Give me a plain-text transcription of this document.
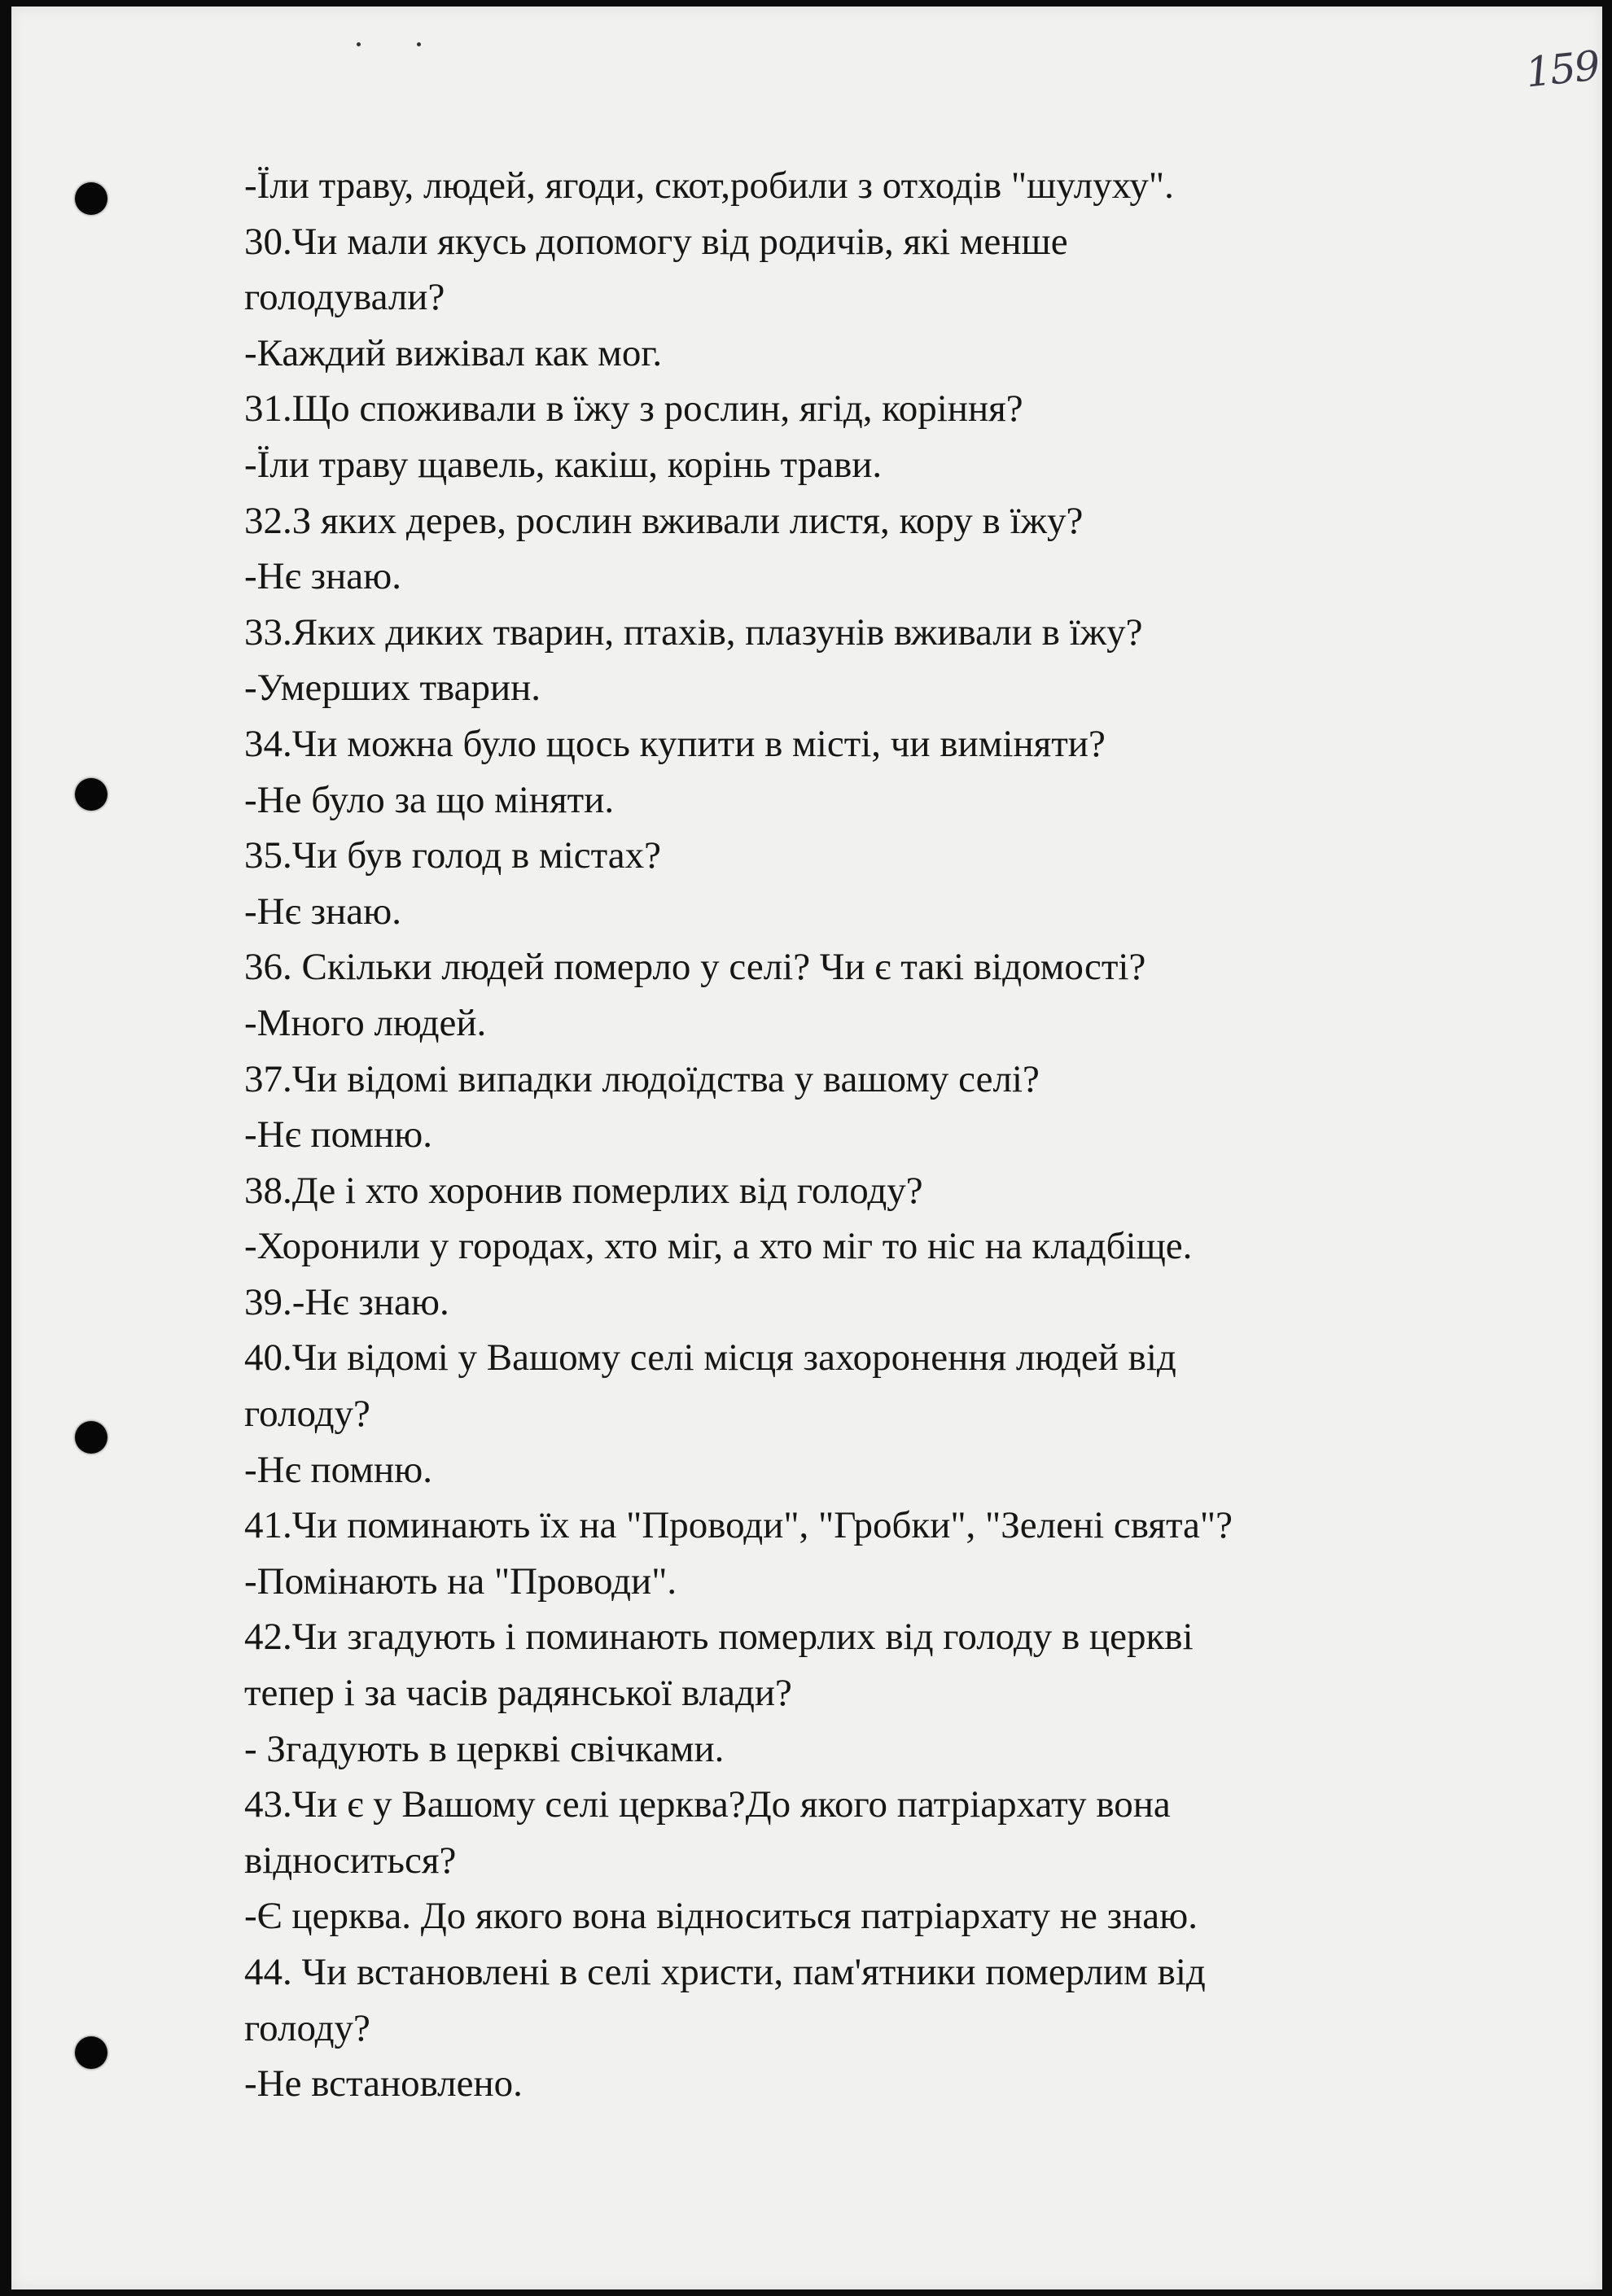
159
-Їли траву, людей, ягоди, скот,робили з отходів "шулуху".
30.Чи мали якусь допомогу від родичів, які менше
голодували?
-Каждий вижівал как мог.
31.Що споживали в їжу з рослин, ягід, коріння?
-Їли траву щавель, какіш, корінь трави.
32.З яких дерев, рослин вживали листя, кору в їжу?
-Нє знаю.
33.Яких диких тварин, птахів, плазунів вживали в їжу?
-Умерших тварин.
34.Чи можна було щось купити в місті, чи виміняти?
-Не було за що міняти.
35.Чи був голод в містах?
-Нє знаю.
36. Скільки людей померло у селі? Чи є такі відомості?
-Много людей.
37.Чи відомі випадки людоїдства у вашому селі?
-Нє помню.
38.Де і хто хоронив померлих від голоду?
-Хоронили у городах, хто міг, а хто міг то ніс на кладбіще.
39.-Нє знаю.
40.Чи відомі у Вашому селі місця захоронення людей від
голоду?
-Нє помню.
41.Чи поминають їх на "Проводи", "Гробки", "Зелені свята"?
-Помінають на "Проводи".
42.Чи згадують і поминають померлих від голоду в церкві
тепер і за часів радянської влади?
- Згадують в церкві свічками.
43.Чи є у Вашому селі церква?До якого патріархату вона
відноситься?
-Є церква. До якого вона відноситься патріархату не знаю.
44. Чи встановлені в селі христи, пам'ятники померлим від
голоду?
-Не встановлено.
